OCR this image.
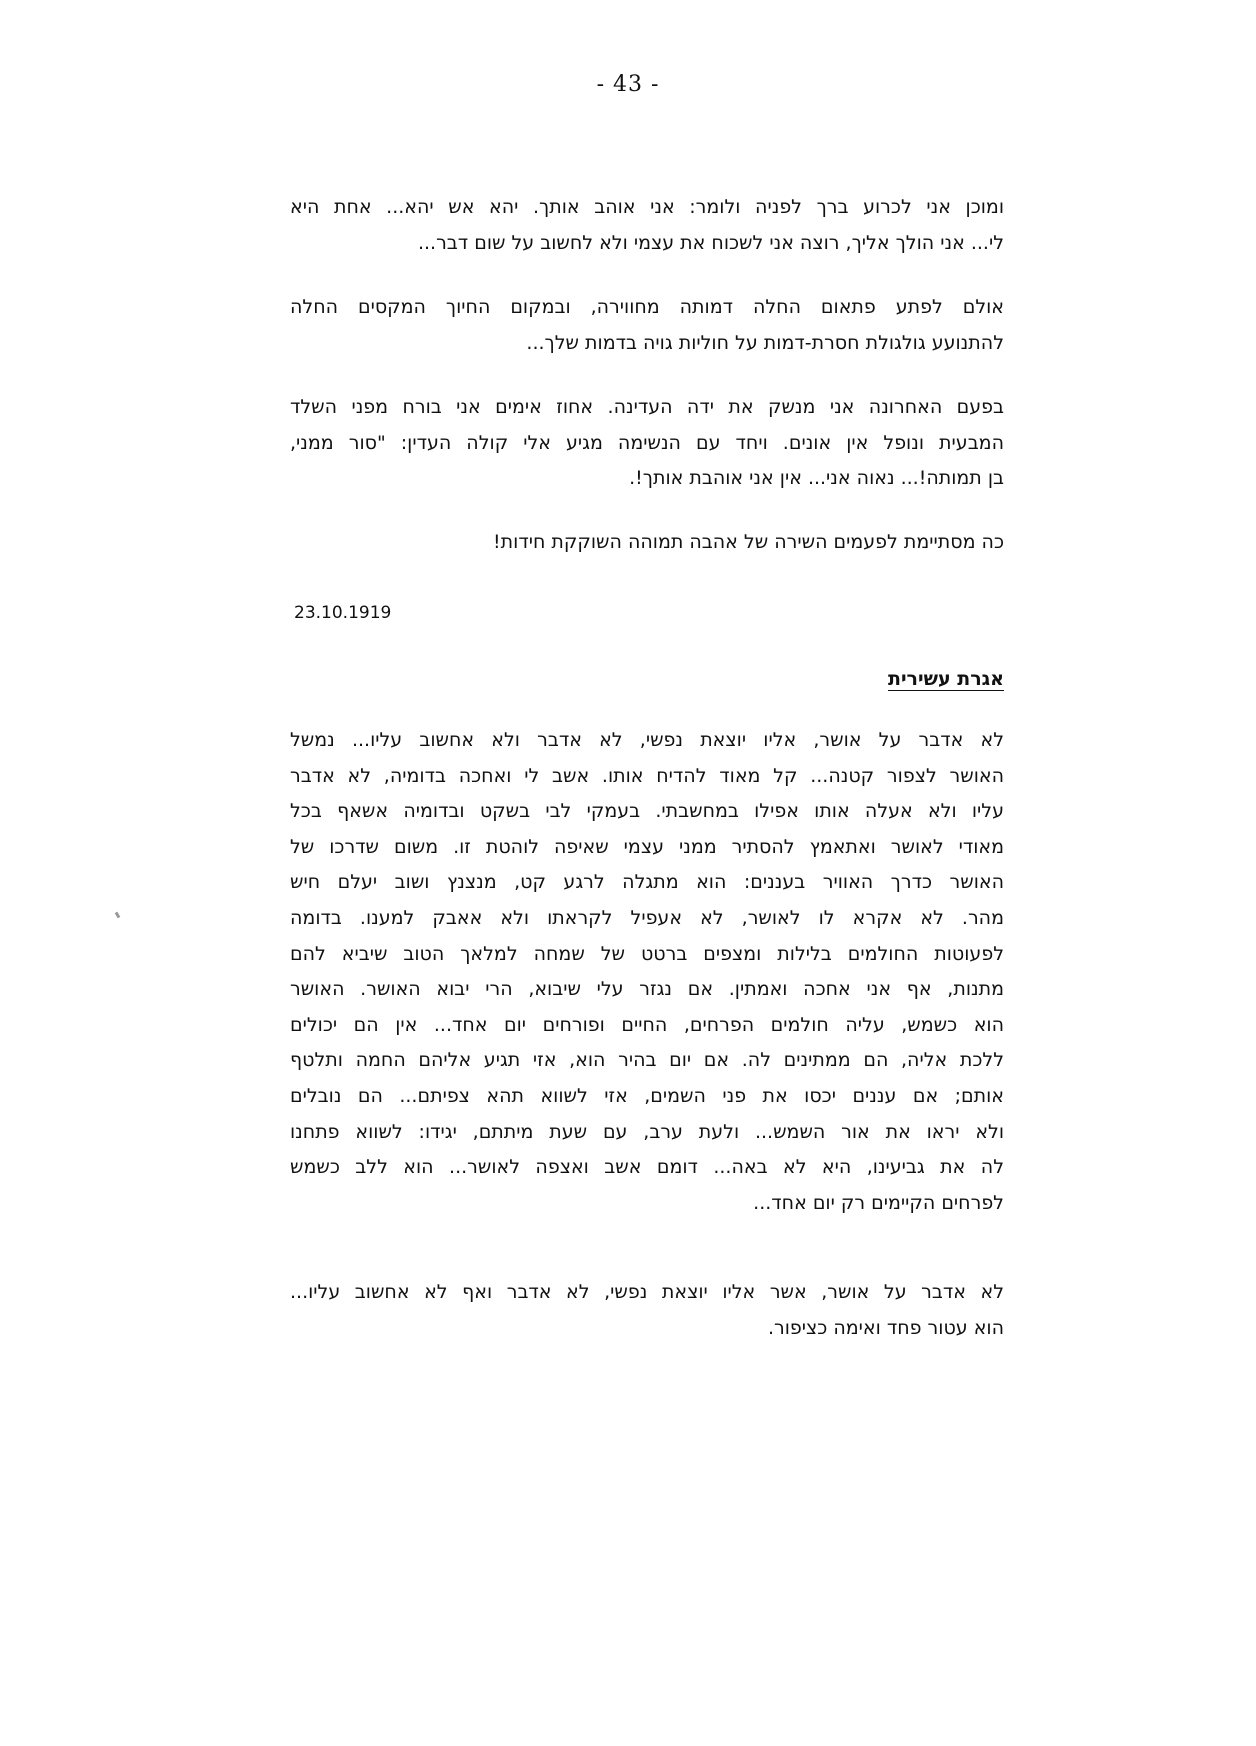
- 43 -
ומוכן אני לכרוע ברך לפניה ולומר: אני אוהב אותך. יהא אש יהא... אחת היא
לי... אני הולך אליך, רוצה אני לשכוח את עצמי ולא לחשוב על שום דבר...
אולם לפתע פתאום החלה דמותה מחווירה, ובמקום החיוך המקסים החלה
להתנועע גולגולת חסרת-דמות על חוליות גויה בדמות שלך...
בפעם האחרונה אני מנשק את ידה העדינה. אחוז אימים אני בורח מפני השלד
המבעית ונופל אין אונים. ויחד עם הנשימה מגיע אלי קולה העדין: "סור ממני,
בן תמותה!... נאוה אני... אין אני אוהבת אותך!.
כה מסתיימת לפעמים השירה של אהבה תמוהה השוקקת חידות!
23.10.1919
אגרת עשירית
לא אדבר על אושר, אליו יוצאת נפשי, לא אדבר ולא אחשוב עליו... נמשל
האושר לצפור קטנה... קל מאוד להדיח אותו. אשב לי ואחכה בדומיה, לא אדבר
עליו ולא אעלה אותו אפילו במחשבתי. בעמקי לבי בשקט ובדומיה אשאף בכל
מאודי לאושר ואתאמץ להסתיר ממני עצמי שאיפה לוהטת זו. משום שדרכו של
האושר כדרך האוויר בעננים: הוא מתגלה לרגע קט, מנצנץ ושוב יעלם חיש
מהר. לא אקרא לו לאושר, לא אעפיל לקראתו ולא אאבק למענו. בדומה
לפעוטות החולמים בלילות ומצפים ברטט של שמחה למלאך הטוב שיביא להם
מתנות, אף אני אחכה ואמתין. אם נגזר עלי שיבוא, הרי יבוא האושר. האושר
הוא כשמש, עליה חולמים הפרחים, החיים ופורחים יום אחד... אין הם יכולים
ללכת אליה, הם ממתינים לה. אם יום בהיר הוא, אזי תגיע אליהם החמה ותלטף
אותם; אם עננים יכסו את פני השמים, אזי לשווא תהא צפיתם... הם נובלים
ולא יראו את אור השמש... ולעת ערב, עם שעת מיתתם, יגידו: לשווא פתחנו
לה את גביעינו, היא לא באה... דומם אשב ואצפה לאושר... הוא ללב כשמש
לפרחים הקיימים רק יום אחד...
לא אדבר על אושר, אשר אליו יוצאת נפשי, לא אדבר ואף לא אחשוב עליו...
הוא עטור פחד ואימה כציפור.
